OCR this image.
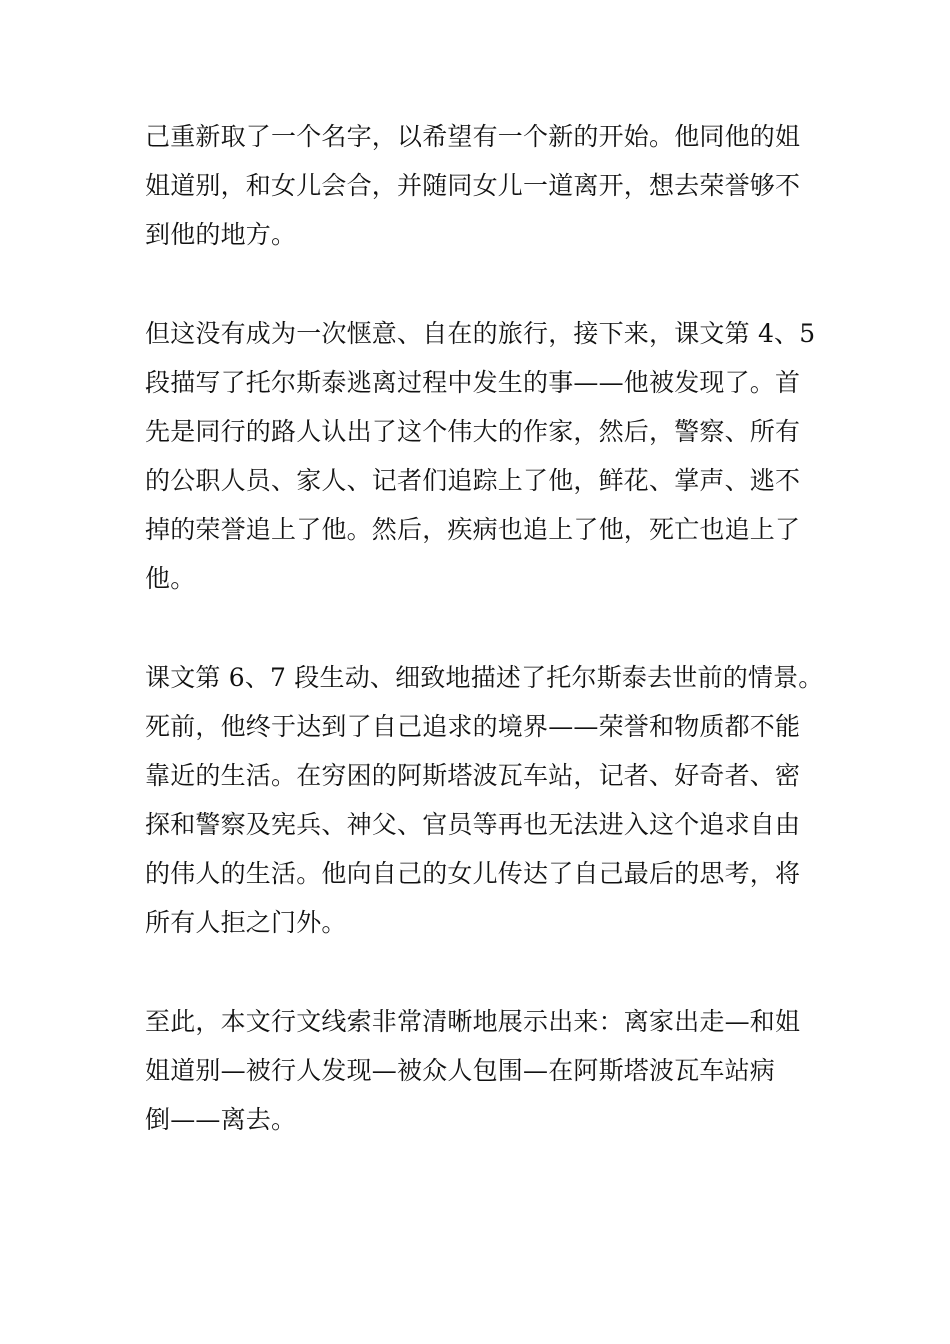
己重新取了一个名字，以希望有一个新的开始。他同他的姐
姐道别，和女儿会合，并随同女儿一道离开，想去荣誉够不
到他的地方。

但这没有成为一次惬意、自在的旅行，接下来，课文第 4、5
段描写了托尔斯泰逃离过程中发生的事——他被发现了。首
先是同行的路人认出了这个伟大的作家，然后，警察、所有
的公职人员、家人、记者们追踪上了他，鲜花、掌声、逃不
掉的荣誉追上了他。然后，疾病也追上了他，死亡也追上了
他。

课文第 6、7 段生动、细致地描述了托尔斯泰去世前的情景。
死前，他终于达到了自己追求的境界——荣誉和物质都不能
靠近的生活。在穷困的阿斯塔波瓦车站，记者、好奇者、密
探和警察及宪兵、神父、官员等再也无法进入这个追求自由
的伟人的生活。他向自己的女儿传达了自己最后的思考，将
所有人拒之门外。

至此，本文行文线索非常清晰地展示出来：离家出走—和姐
姐道别—被行人发现—被众人包围—在阿斯塔波瓦车站病
倒——离去。
